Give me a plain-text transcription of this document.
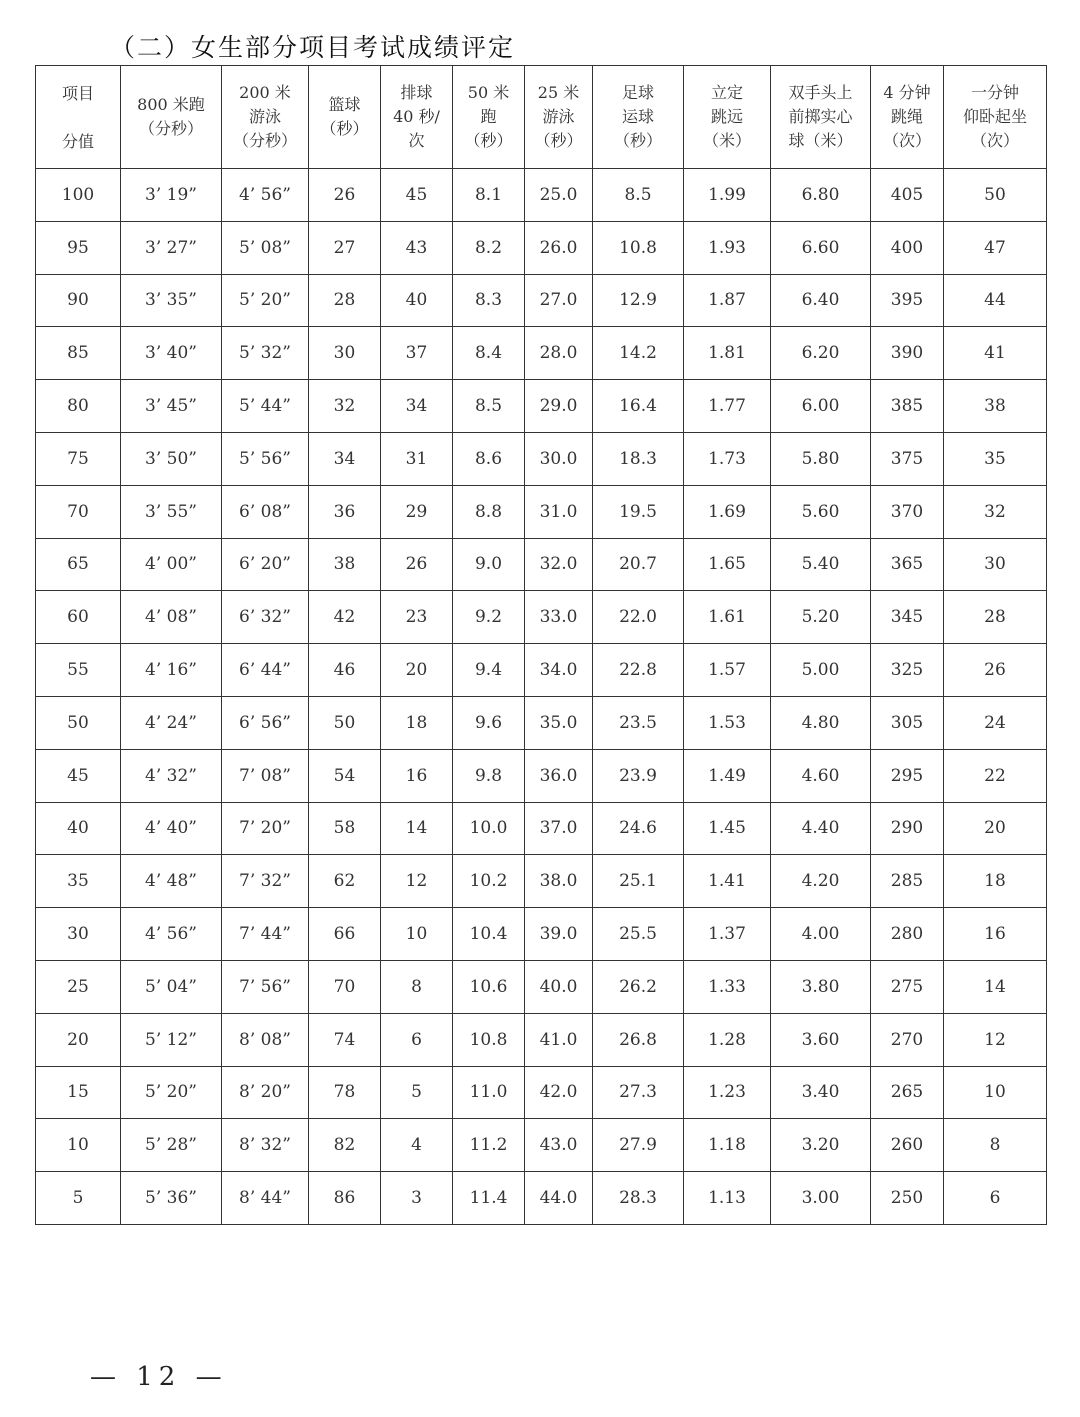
（二）女生部分项目考试成绩评定
项目
分值	800 米跑
（分秒）	200 米
游泳
（分秒）	篮球
（秒）	排球
40 秒/
次	50 米
跑
（秒）	25 米
游泳
（秒）	足球
运球
（秒）	立定
跳远
（米）	双手头上
前掷实心
球（米）	4 分钟
跳绳
（次）	一分钟
仰卧起坐
（次）

100	3’ 19”	4’ 56”	26	45	8.1	25.0	8.5	1.99	6.80	405	50
95	3’ 27”	5’ 08”	27	43	8.2	26.0	10.8	1.93	6.60	400	47
90	3’ 35”	5’ 20”	28	40	8.3	27.0	12.9	1.87	6.40	395	44
85	3’ 40”	5’ 32”	30	37	8.4	28.0	14.2	1.81	6.20	390	41
80	3’ 45”	5’ 44”	32	34	8.5	29.0	16.4	1.77	6.00	385	38
75	3’ 50”	5’ 56”	34	31	8.6	30.0	18.3	1.73	5.80	375	35
70	3’ 55”	6’ 08”	36	29	8.8	31.0	19.5	1.69	5.60	370	32
65	4’ 00”	6’ 20”	38	26	9.0	32.0	20.7	1.65	5.40	365	30
60	4’ 08”	6’ 32”	42	23	9.2	33.0	22.0	1.61	5.20	345	28
55	4’ 16”	6’ 44”	46	20	9.4	34.0	22.8	1.57	5.00	325	26
50	4’ 24”	6’ 56”	50	18	9.6	35.0	23.5	1.53	4.80	305	24
45	4’ 32”	7’ 08”	54	16	9.8	36.0	23.9	1.49	4.60	295	22
40	4’ 40”	7’ 20”	58	14	10.0	37.0	24.6	1.45	4.40	290	20
35	4’ 48”	7’ 32”	62	12	10.2	38.0	25.1	1.41	4.20	285	18
30	4’ 56”	7’ 44”	66	10	10.4	39.0	25.5	1.37	4.00	280	16
25	5’ 04”	7’ 56”	70	8	10.6	40.0	26.2	1.33	3.80	275	14
20	5’ 12”	8’ 08”	74	6	10.8	41.0	26.8	1.28	3.60	270	12
15	5’ 20”	8’ 20”	78	5	11.0	42.0	27.3	1.23	3.40	265	10
10	5’ 28”	8’ 32”	82	4	11.2	43.0	27.9	1.18	3.20	260	8
5	5’ 36”	8’ 44”	86	3	11.4	44.0	28.3	1.13	3.00	250	6
— 12 —
